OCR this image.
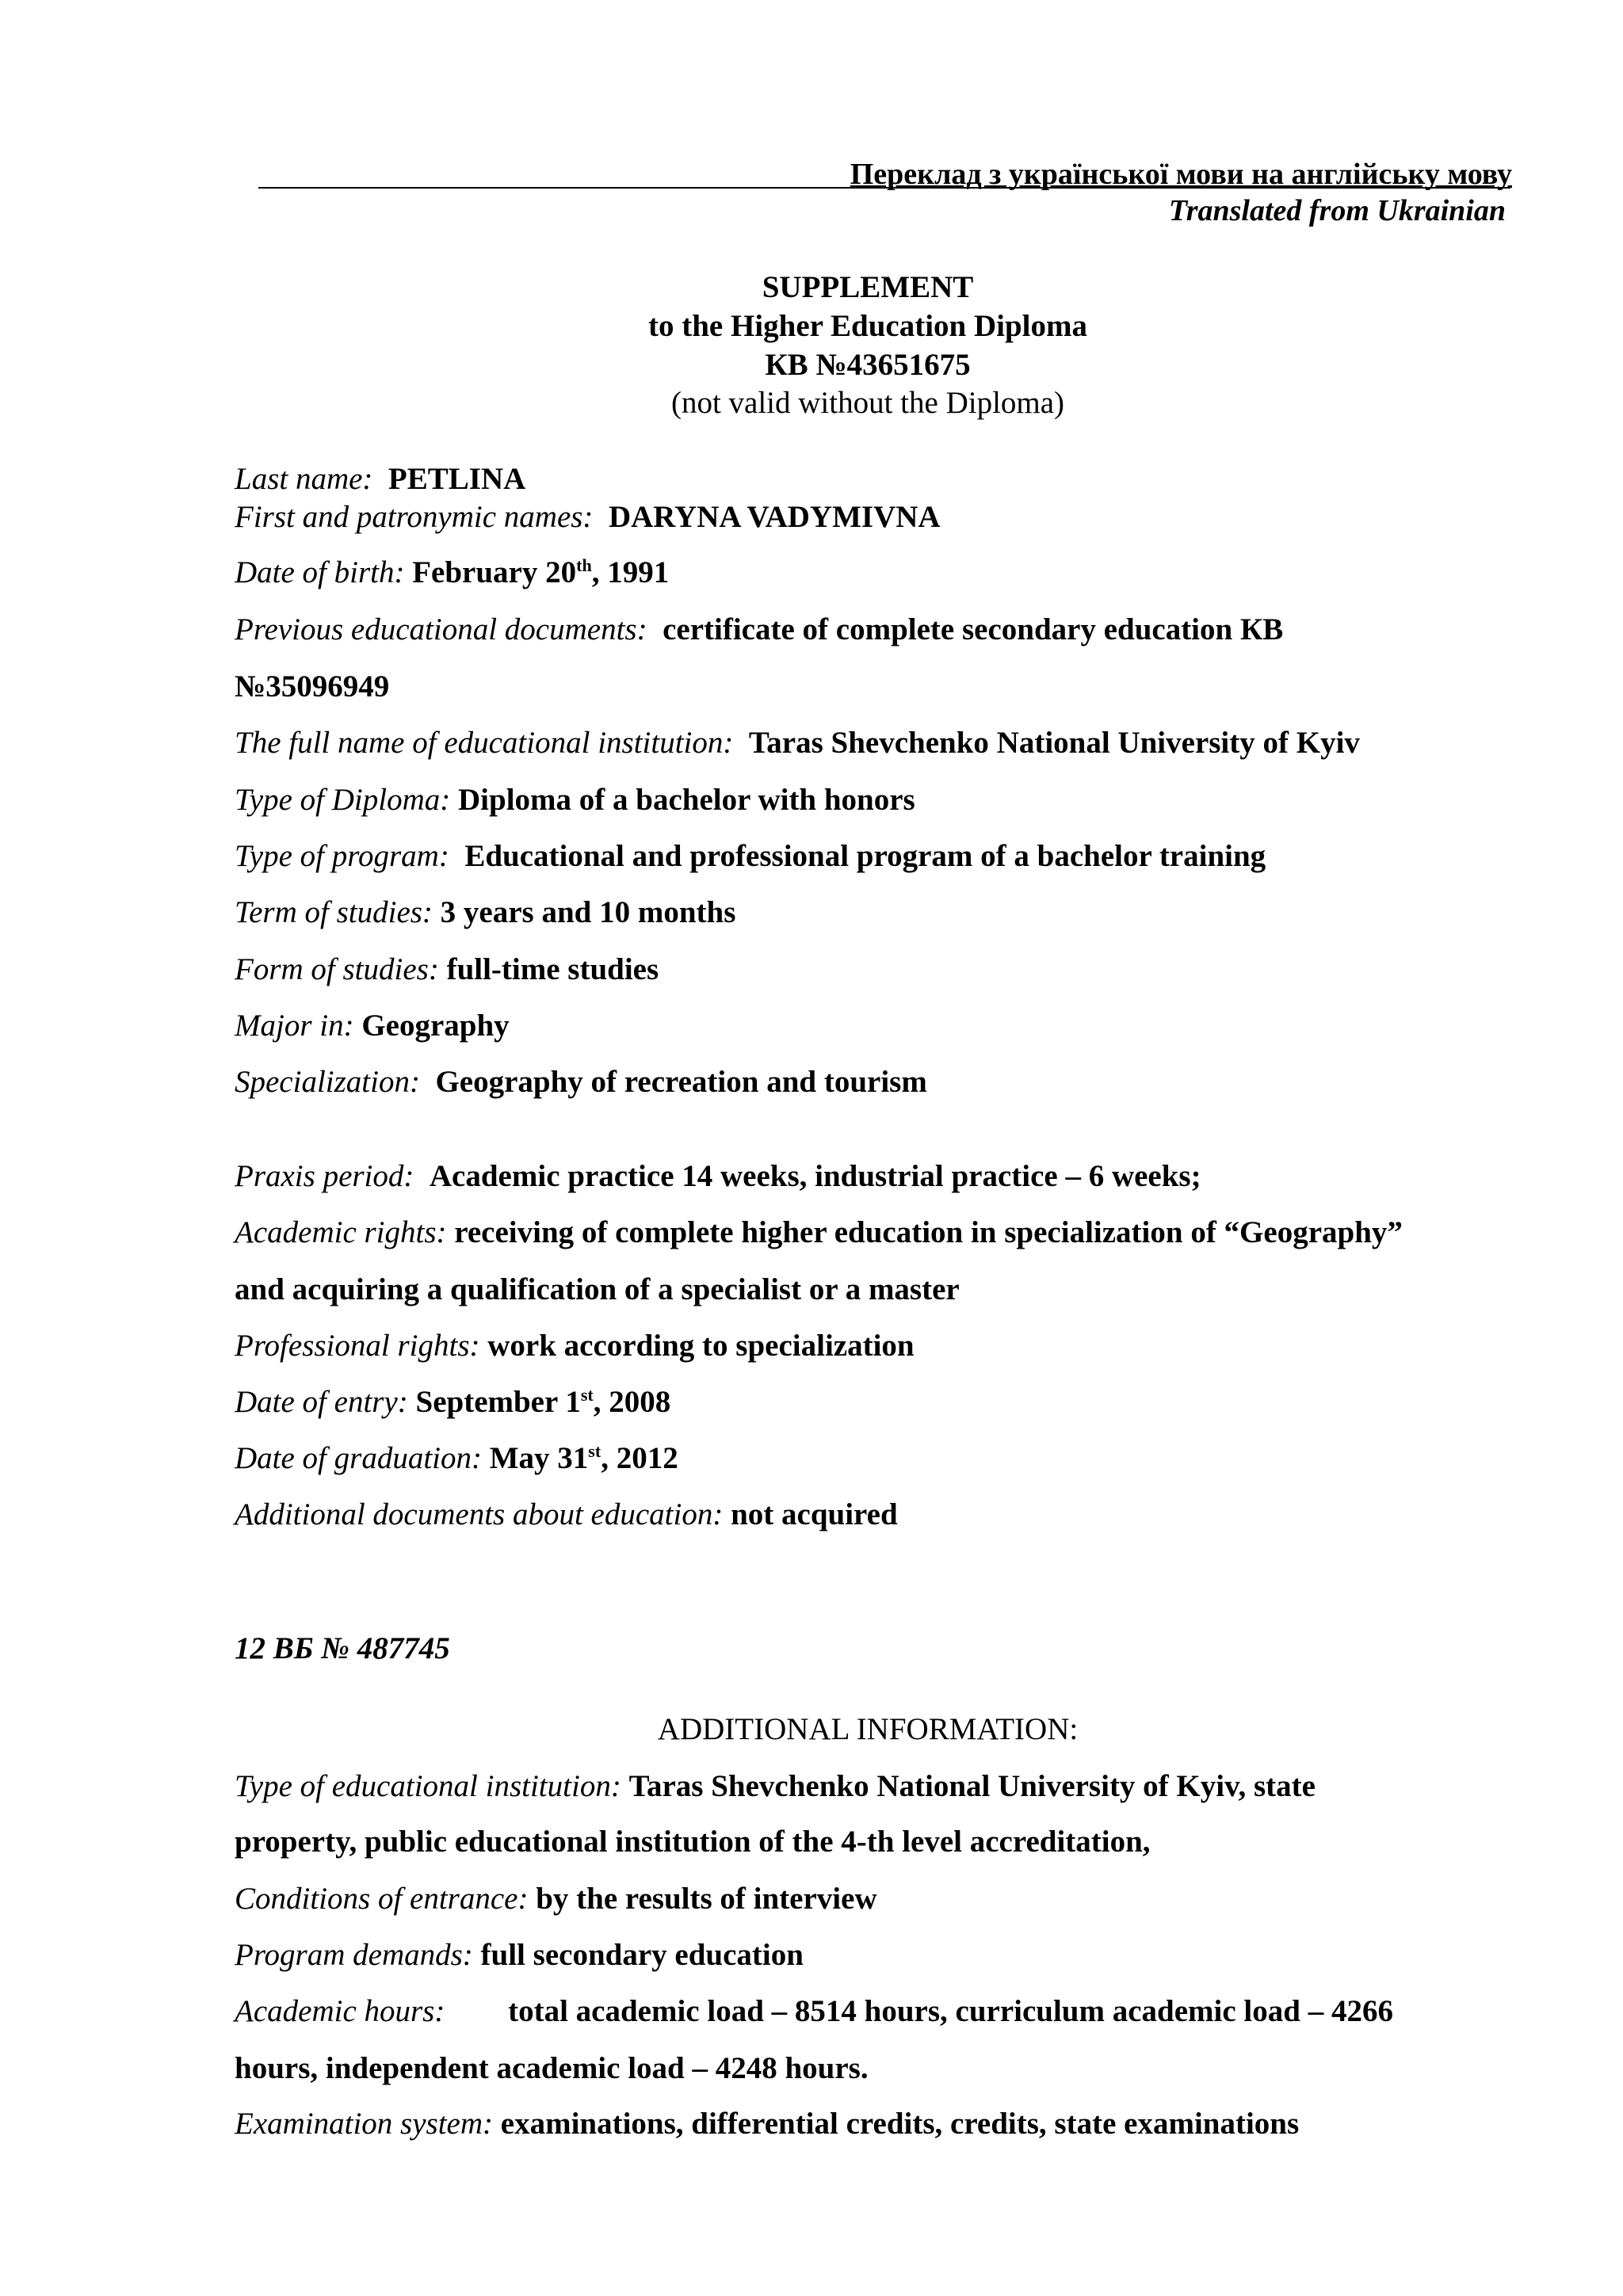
Переклад з української мови на англійську мову
Translated from Ukrainian
SUPPLEMENT
to the Higher Education Diploma
КВ №43651675
(not valid without the Diploma)
Last name: PETLINA
First and patronymic names: DARYNA VADYMIVNA
Date of birth: February 20th, 1991
Previous educational documents: certificate of complete secondary education КВ
№35096949
The full name of educational institution: Taras Shevchenko National University of Kyiv
Type of Diploma: Diploma of a bachelor with honors
Type of program: Educational and professional program of a bachelor training
Term of studies: 3 years and 10 months
Form of studies: full-time studies
Major in: Geography
Specialization: Geography of recreation and tourism
Praxis period: Academic practice 14 weeks, industrial practice – 6 weeks;
Academic rights: receiving of complete higher education in specialization of “Geography”
and acquiring a qualification of a specialist or a master
Professional rights: work according to specialization
Date of entry: September 1st, 2008
Date of graduation: May 31st, 2012
Additional documents about education: not acquired
12 ВБ № 487745
ADDITIONAL INFORMATION:
Type of educational institution: Taras Shevchenko National University of Kyiv, state
property, public educational institution of the 4-th level accreditation,
Conditions of entrance: by the results of interview
Program demands: full secondary education
Academic hours: total academic load – 8514 hours, curriculum academic load – 4266
hours, independent academic load – 4248 hours.
Examination system: examinations, differential credits, credits, state examinations
